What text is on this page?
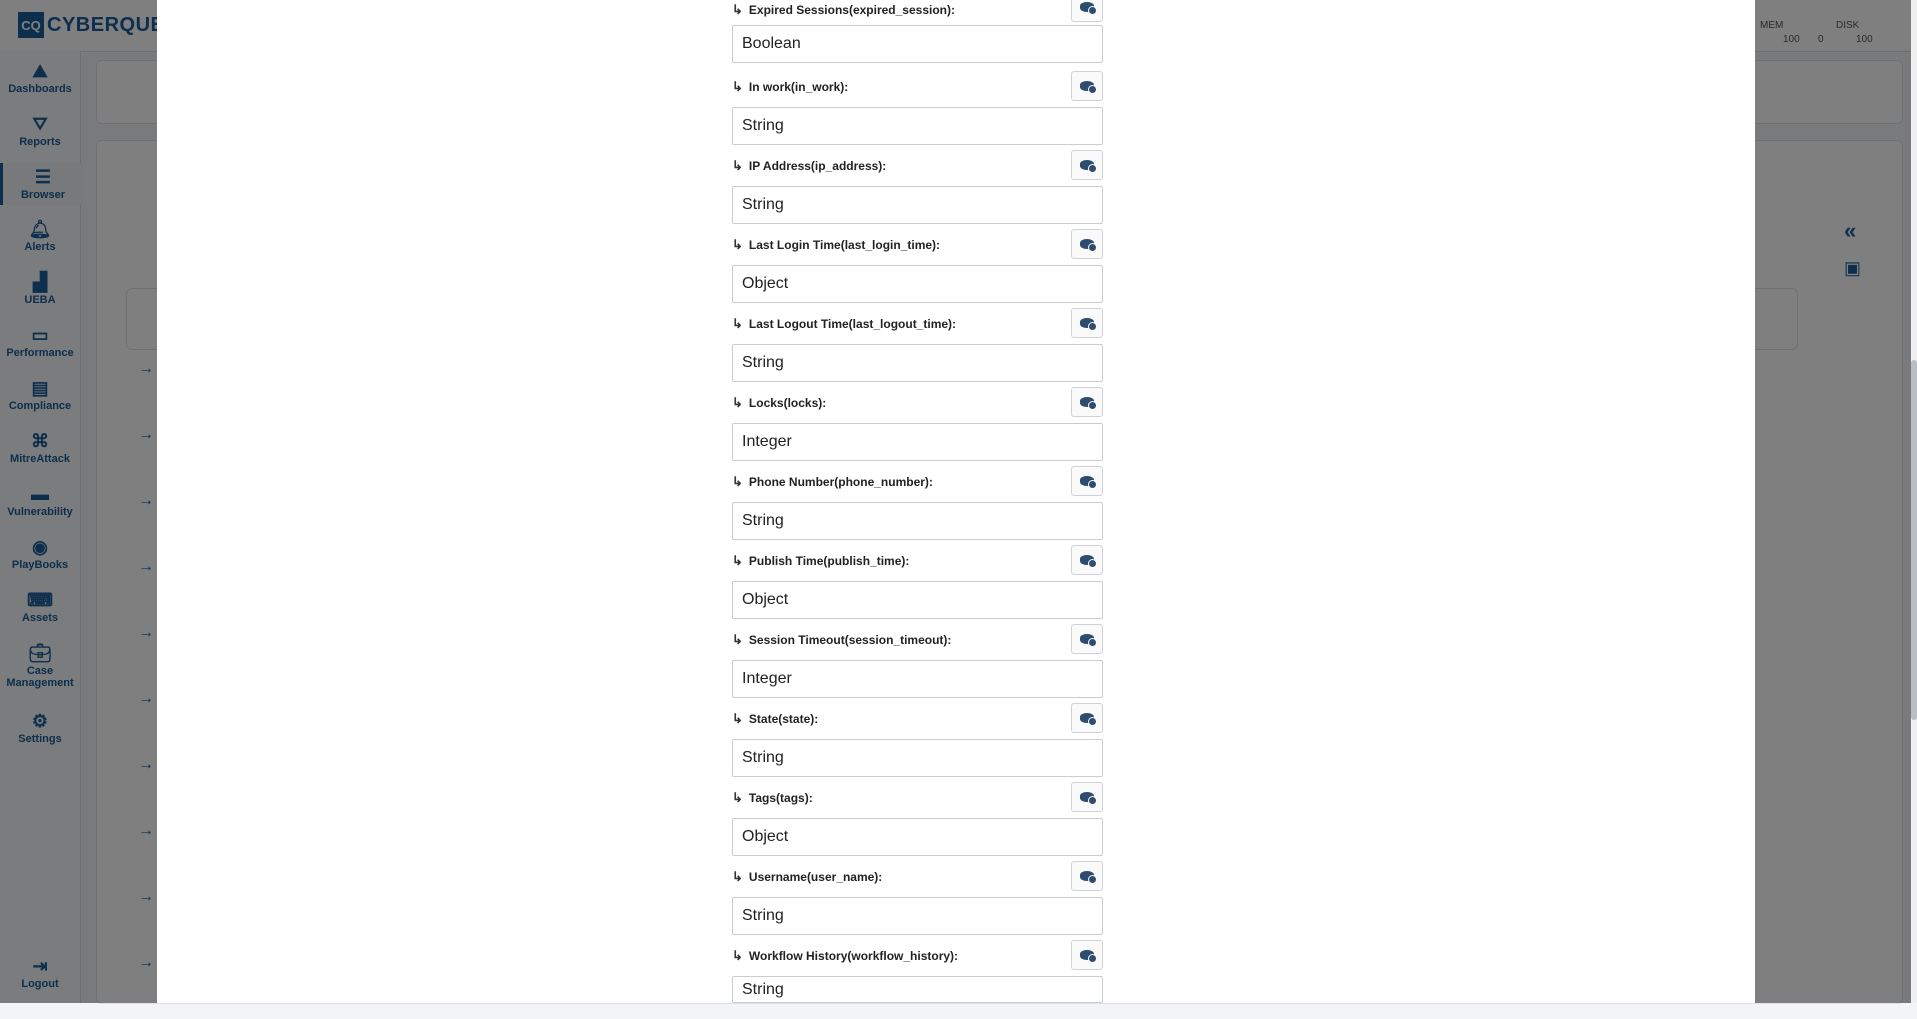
↳ Expired Sessions(expired_session):
Boolean
↳ In work(in_work):
String
↳ IP Address(ip_address):
String
↳ Last Login Time(last_login_time):
Object
↳ Last Logout Time(last_logout_time):
String
↳ Locks(locks):
Integer
↳ Phone Number(phone_number):
String
↳ Publish Time(publish_time):
Object
↳ Session Timeout(session_timeout):
Integer
↳ State(state):
String
↳ Tags(tags):
Object
↳ Username(user_name):
String
↳ Workflow History(workflow_history):
String
